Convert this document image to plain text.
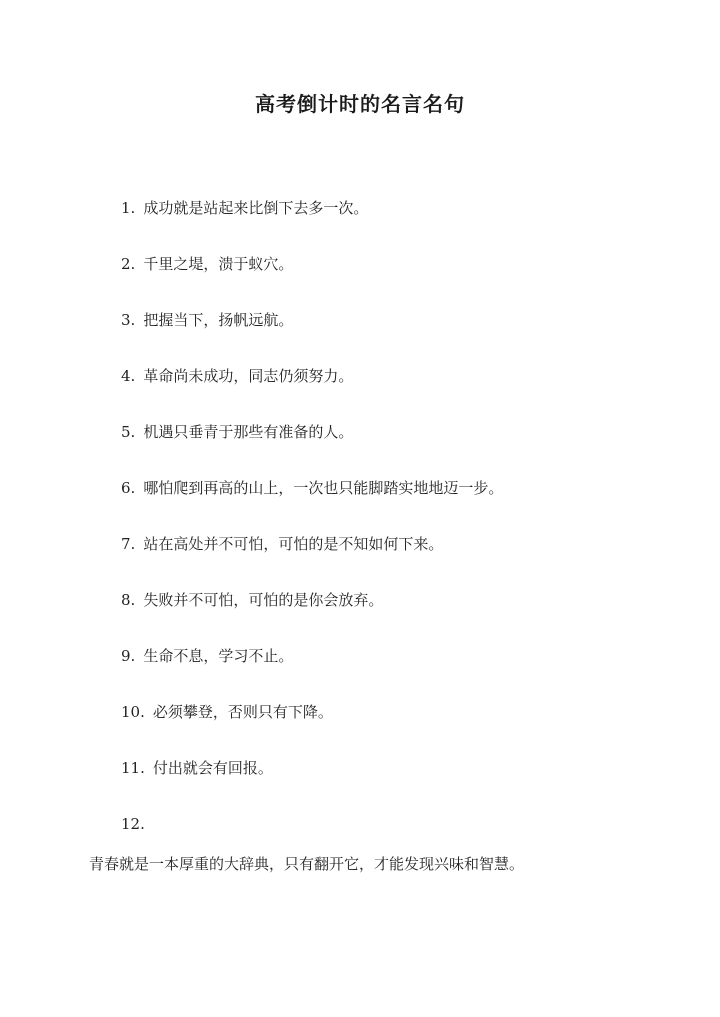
高考倒计时的名言名句
1. 成功就是站起来比倒下去多一次。
2. 千里之堤，溃于蚁穴。
3. 把握当下，扬帆远航。
4. 革命尚未成功，同志仍须努力。
5. 机遇只垂青于那些有准备的人。
6. 哪怕爬到再高的山上，一次也只能脚踏实地地迈一步。
7. 站在高处并不可怕，可怕的是不知如何下来。
8. 失败并不可怕，可怕的是你会放弃。
9. 生命不息，学习不止。
10. 必须攀登，否则只有下降。
11. 付出就会有回报。
12.
青春就是一本厚重的大辞典，只有翻开它，才能发现兴味和智慧。
